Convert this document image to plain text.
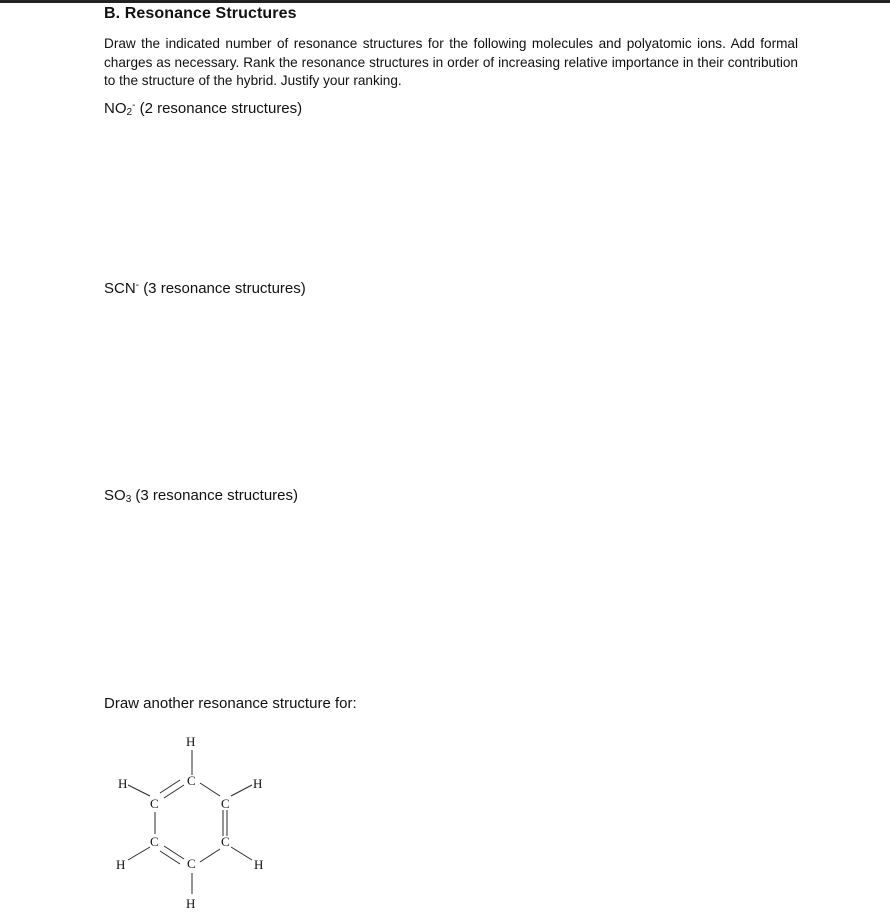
B. Resonance Structures
Draw the indicated number of resonance structures for the following molecules and polyatomic ions. Add formal charges as necessary. Rank the resonance structures in order of increasing relative importance in their contribution to the structure of the hybrid. Justify your ranking.
$NO_2^-$ (2 resonance structures)
SCN- (3 resonance structures)
$SO_3$ (3 resonance structures)
Draw another resonance structure for:
H
C
H	H
C	C
C	C
C
H	H
H
